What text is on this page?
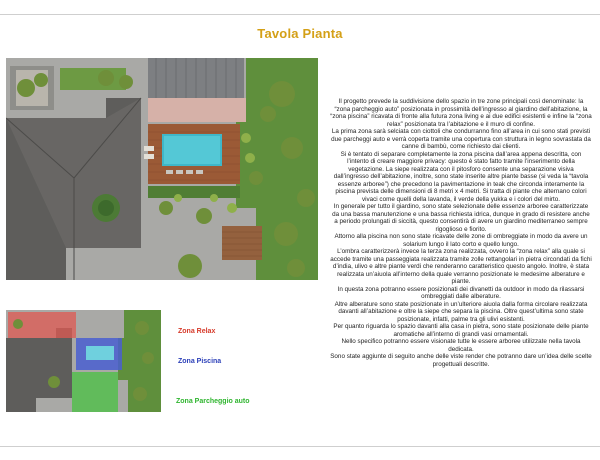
Tavola Pianta
Zona Relax
Zona Piscina
Zona Parcheggio auto

Il progetto prevede la suddivisione dello spazio in tre zone principali così denominate: la “zona parcheggio auto” posizionata in prossimità dell’ingresso al giardino dell’abitazione, la “zona piscina” ricavata di fronte alla futura zona living e ai due edifici esistenti e infine la “zona relax” posizionata tra l’abitazione e il muro di confine.

La prima zona sarà selciata con ciottoli che condurranno fino all’area in cui sono stati previsti due parcheggi auto e verrà coperta tramite una copertura con struttura in legno sovrastata da canne di bambù, come richiesto dai clienti.

Si è tentato di separare completamente la zona piscina dall’area appena descritta, con l’intento di creare maggiore privacy: questo è stato fatto tramite l’inserimento della vegetazione. La siepe realizzata con il pitosforo consente una separazione visiva dall’ingresso dell’abitazione, inoltre, sono state inserite altre piante basse (si veda la “tavola essenze arboree”) che precedono la pavimentazione in teak che circonda interamente la piscina prevista delle dimensioni di 8 metri x 4 metri. Si tratta di piante che alternano colori vivaci come quelli della lavanda, il verde della yukka e i colori del mirto.

In generale per tutto il giardino, sono state selezionate delle essenze arboree caratterizzate da una bassa manutenzione e una bassa richiesta idrica, dunque in grado di resistere anche a periodo prolungati di siccità, questo consentirà di avere un giardino mediterraneo sempre rigoglioso e fiorito.

Attorno alla piscina non sono state ricavate delle zone di ombreggiate in modo da avere un solarium lungo il lato corto e quello lungo.

L’ombra caratterizzerà invece la terza zona realizzata, ovvero la “zona relax” alla quale si accede tramite una passeggiata realizzata tramite zolle rettangolari in pietra circondati da fichi d’india, ulivo e altre piante verdi che renderanno caratteristico questo angolo. Inoltre, è stata realizzata un’aiuola all’interno della quale verranno posizionate le medesime alberature e piante.

In questa zona potranno essere posizionati dei divanetti da outdoor in modo da rilassarsi ombreggiati dalle alberature.

Altre alberature sono state posizionate in un’ulteriore aiuola dalla forma circolare realizzata davanti all’abitazione e oltre la siepe che separa la piscina. Oltre quest’ultima sono state posizionate, infatti, palme tra gli ulivi esistenti.

Per quanto riguarda lo spazio davanti alla casa in pietra, sono state posizionate delle piante aromatiche all’interno di grandi vasi ornamentali.

Nello specifico potranno essere visionate tutte le essere arboree utilizzate nella tavola dedicata.

Sono state aggiunte di seguito anche delle viste render che potranno dare un’idea delle scelte progettuali descritte.
